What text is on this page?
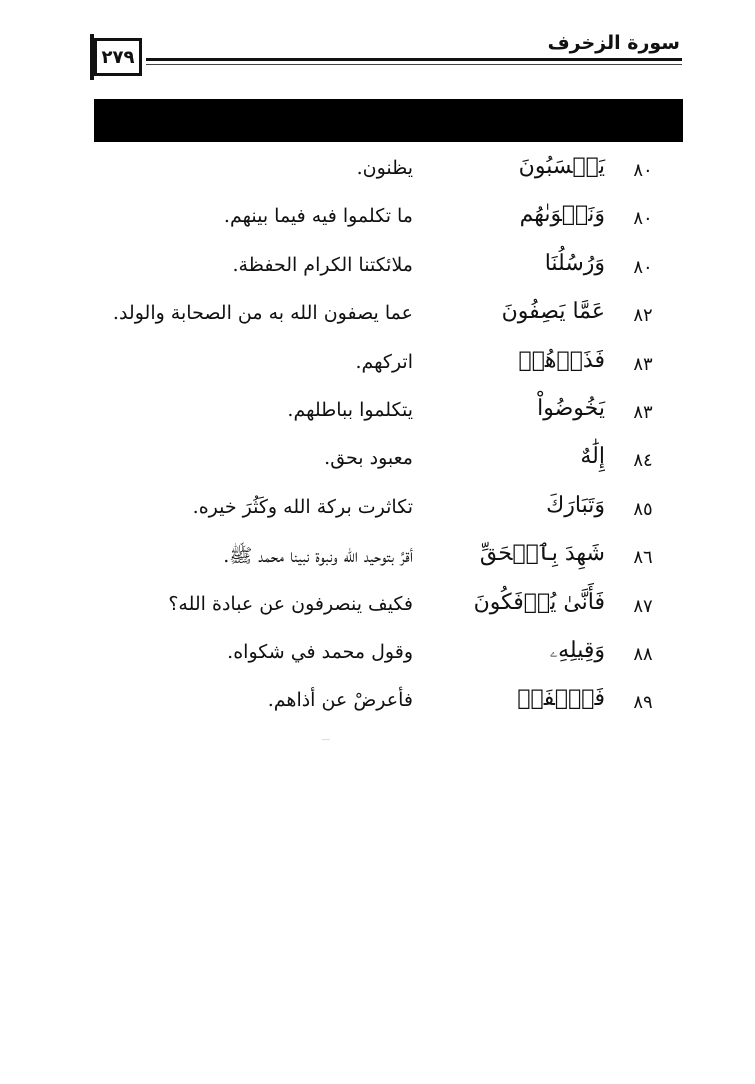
٢٧٩
سورة الزخرف
٨٠
يَحۡسَبُونَ
يظنون.
٨٠
وَنَجۡوَىٰهُم
ما تكلموا فيه فيما بينهم.
٨٠
وَرُسُلُنَا
ملائكتنا الكرام الحفظة.
٨٢
عَمَّا يَصِفُونَ
عما يصفون الله به من الصحابة والولد.
٨٣
فَذَرۡهُمۡ
اتركهم.
٨٣
يَخُوضُواْ
يتكلموا بباطلهم.
٨٤
إِلَٰهٌ
معبود بحق.
٨٥
وَتَبَارَكَ
تكاثرت بركة الله وكَثُرَ خيره.
٨٦
شَهِدَ بِٱلۡحَقِّ
أقرَّ بتوحيد الله ونبوة نبينا محمد ﷺ.
٨٧
فَأَنَّىٰ يُؤۡفَكُونَ
فكيف ينصرفون عن عبادة الله؟
٨٨
وَقِيلِهِۦ
وقول محمد في شكواه.
٨٩
فَٱصۡفَحۡ
فأعرضْ عن أذاهم.
